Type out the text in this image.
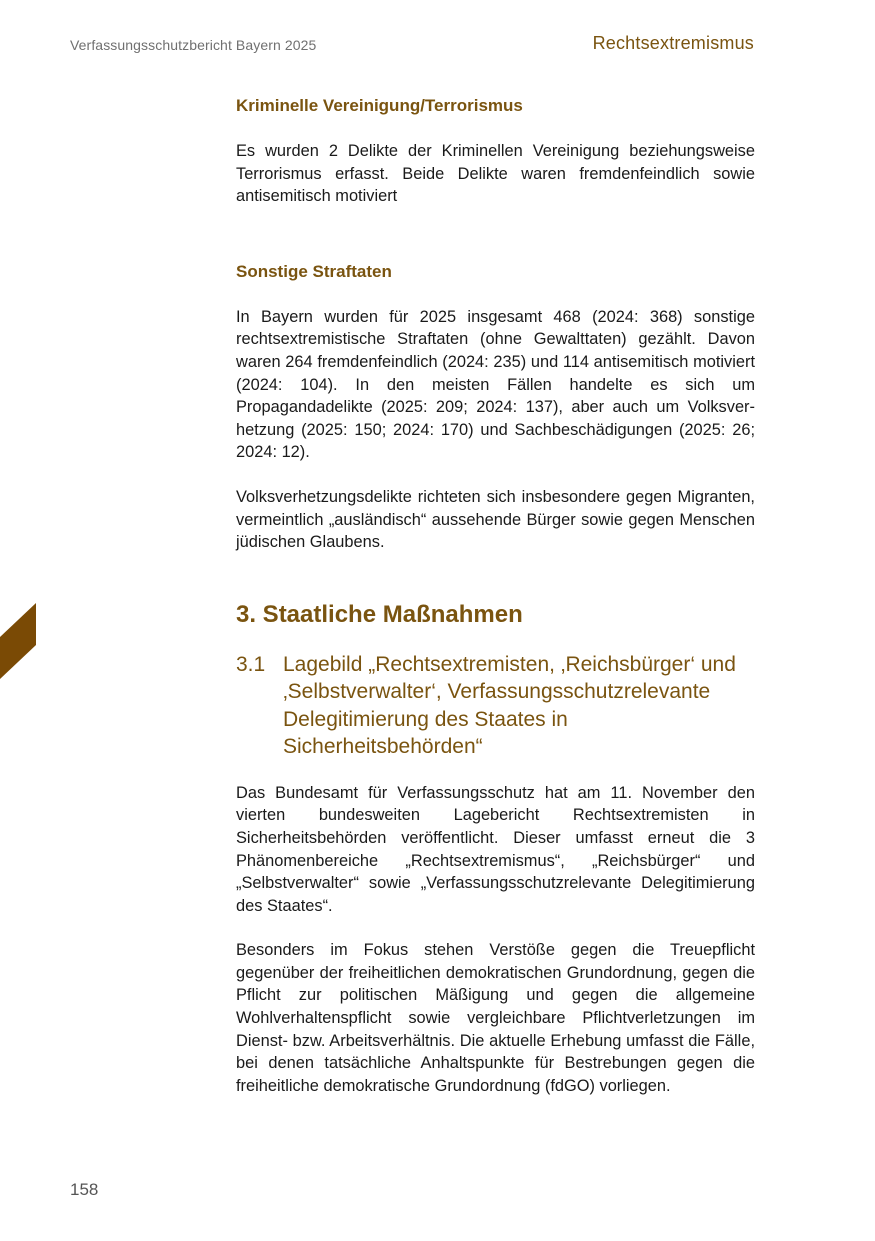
Verfassungsschutzbericht Bayern 2025	Rechtsextremismus
Kriminelle Vereinigung/Terrorismus

Es wurden 2 Delikte der Kriminellen Vereinigung beziehungsweise Terrorismus erfasst. Beide Delikte waren fremdenfeindlich sowie antisemitisch motiviert

Sonstige Straftaten

In Bayern wurden für 2025 insgesamt 468 (2024: 368) sonstige rechtsextremistische Straftaten (ohne Gewalttaten) gezählt. Davon waren 264 fremdenfeindlich (2024: 235) und 114 antisemitisch motiviert (2024: 104). In den meisten Fällen handelte es sich um Propagandadelikte (2025: 209; 2024: 137), aber auch um Volksverhetzung (2025: 150; 2024: 170) und Sachbeschädigungen (2025: 26; 2024: 12).

Volksverhetzungsdelikte richteten sich insbesondere gegen Migranten, vermeintlich „ausländisch“ aussehende Bürger sowie gegen Menschen jüdischen Glaubens.

3. Staatliche Maßnahmen
3.1 Lagebild „Rechtsextremisten, ‚Reichsbürger‘ und ‚Selbstverwalter‘, Verfassungsschutzrelevante Delegitimierung des Staates in Sicherheitsbehörden“

Das Bundesamt für Verfassungsschutz hat am 11. November den vierten bundesweiten Lagebericht Rechtsextremisten in Sicherheitsbehörden veröffentlicht. Dieser umfasst erneut die 3 Phänomenbereiche „Rechtsextremismus“, „Reichsbürger“ und „Selbstverwalter“ sowie „Verfassungsschutzrelevante Delegitimierung des Staates“.

Besonders im Fokus stehen Verstöße gegen die Treuepflicht gegenüber der freiheitlichen demokratischen Grundordnung, gegen die Pflicht zur politischen Mäßigung und gegen die allgemeine Wohlverhaltenspflicht sowie vergleichbare Pflichtverletzungen im Dienst- bzw. Arbeitsverhältnis. Die aktuelle Erhebung umfasst die Fälle, bei denen tatsächliche Anhaltspunkte für Bestrebungen gegen die freiheitliche demokratische Grundordnung (fdGO) vorliegen.

158
